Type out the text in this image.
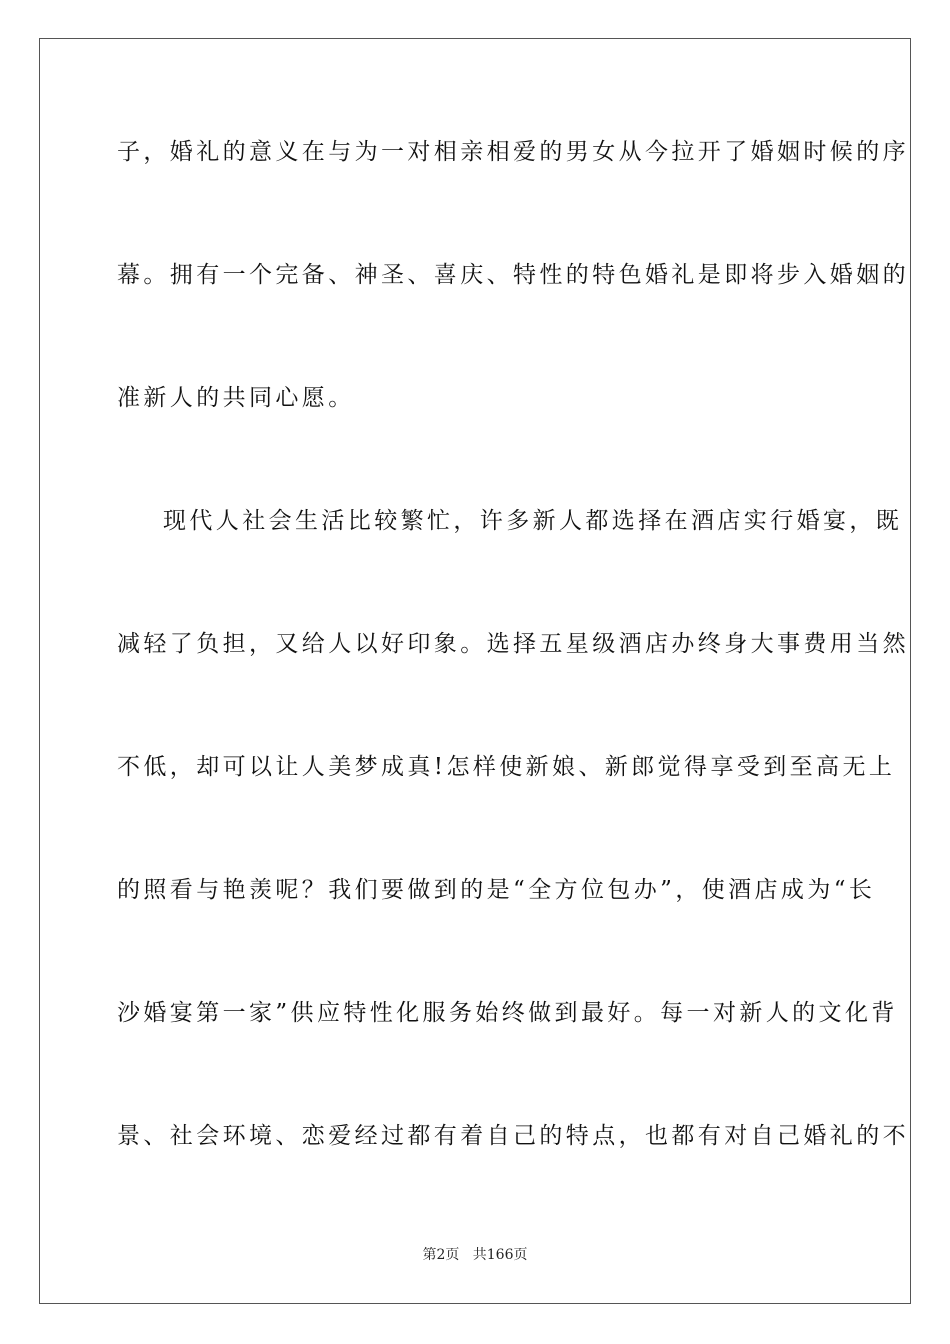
子，婚礼的意义在与为一对相亲相爱的男女从今拉开了婚姻时候的序
幕。拥有一个完备、神圣、喜庆、特性的特色婚礼是即将步入婚姻的
准新人的共同心愿。
现代人社会生活比较繁忙，许多新人都选择在酒店实行婚宴，既
减轻了负担，又给人以好印象。选择五星级酒店办终身大事费用当然
不低，却可以让人美梦成真!怎样使新娘、新郎觉得享受到至高无上
的照看与艳羡呢？我们要做到的是“全方位包办”，使酒店成为“长
沙婚宴第一家”供应特性化服务始终做到最好。每一对新人的文化背
景、社会环境、恋爱经过都有着自己的特点，也都有对自己婚礼的不
第2页   共166页
